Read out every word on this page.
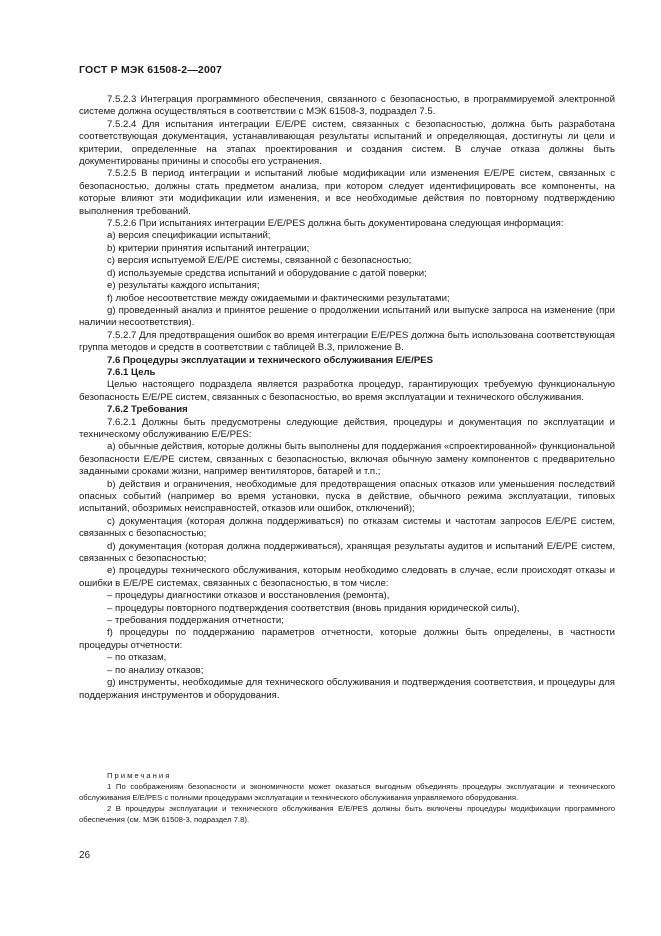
ГОСТ Р МЭК 61508-2—2007

7.5.2.3 Интеграция программного обеспечения, связанного с безопасностью, в программируемой электронной системе должна осуществляться в соответствии с МЭК 61508-3, подраздел 7.5.

7.5.2.4 Для испытания интеграции E/E/PE систем, связанных с безопасностью, должна быть разработана соответствующая документация, устанавливающая результаты испытаний и определяющая, достигнуты ли цели и критерии, определенные на этапах проектирования и создания систем. В случае отказа должны быть документированы причины и способы его устранения.

7.5.2.5 В период интеграции и испытаний любые модификации или изменения E/E/PE систем, связанных с безопасностью, должны стать предметом анализа, при котором следует идентифицировать все компоненты, на которые влияют эти модификации или изменения, и все необходимые действия по повторному подтверждению выполнения требований.

7.5.2.6 При испытаниях интеграции E/E/PES должна быть документирована следующая информация:

a) версия спецификации испытаний;

b) критерии принятия испытаний интеграции;

c) версия испытуемой E/E/PE системы, связанной с безопасностью;

d) используемые средства испытаний и оборудование с датой поверки;

e) результаты каждого испытания;

f) любое несоответствие между ожидаемыми и фактическими результатами;

g) проведенный анализ и принятое решение о продолжении испытаний или выпуске запроса на изменение (при наличии несоответствия).

7.5.2.7 Для предотвращения ошибок во время интеграции E/E/PES должна быть использована соответствующая группа методов и средств в соответствии с таблицей В.3, приложение В.

7.6 Процедуры эксплуатации и технического обслуживания E/E/PES

7.6.1 Цель

Целью настоящего подраздела является разработка процедур, гарантирующих требуемую функциональную безопасность E/E/PE систем, связанных с безопасностью, во время эксплуатации и технического обслуживания.

7.6.2 Требования

7.6.2.1 Должны быть предусмотрены следующие действия, процедуры и документация по эксплуатации и техническому обслуживанию E/E/PES:

a) обычные действия, которые должны быть выполнены для поддержания «спроектированной» функциональной безопасности E/E/PE систем, связанных с безопасностью, включая обычную замену компонентов с предварительно заданными сроками жизни, например вентиляторов, батарей и т.п.;

b) действия и ограничения, необходимые для предотвращения опасных отказов или уменьшения последствий опасных событий (например во время установки, пуска в действие, обычного режима эксплуатации, типовых испытаний, обозримых неисправностей, отказов или ошибок, отключений);

c) документация (которая должна поддерживаться) по отказам системы и частотам запросов E/E/PE систем, связанных с безопасностью;

d) документация (которая должна поддерживаться), хранящая результаты аудитов и испытаний E/E/PE систем, связанных с безопасностью;

e) процедуры технического обслуживания, которым необходимо следовать в случае, если происходят отказы и ошибки в E/E/PE системах, связанных с безопасностью, в том числе:

– процедуры диагностики отказов и восстановления (ремонта),

– процедуры повторного подтверждения соответствия (вновь придания юридической силы),

– требования поддержания отчетности;

f) процедуры по поддержанию параметров отчетности, которые должны быть определены, в частности процедуры отчетности:

– по отказам,

– по анализу отказов;

g) инструменты, необходимые для технического обслуживания и подтверждения соответствия, и процедуры для поддержания инструментов и оборудования.

Примечания

1 По соображениям безопасности и экономичности может оказаться выгодным объединять процедуры эксплуатации и технического обслуживания E/E/PES с полными процедурами эксплуатации и технического обслуживания управляемого оборудования.

2 В процедуры эксплуатации и технического обслуживания E/E/PES должны быть включены процедуры модификации программного обеспечения (см. МЭК 61508-3, подраздел 7.8).

26
